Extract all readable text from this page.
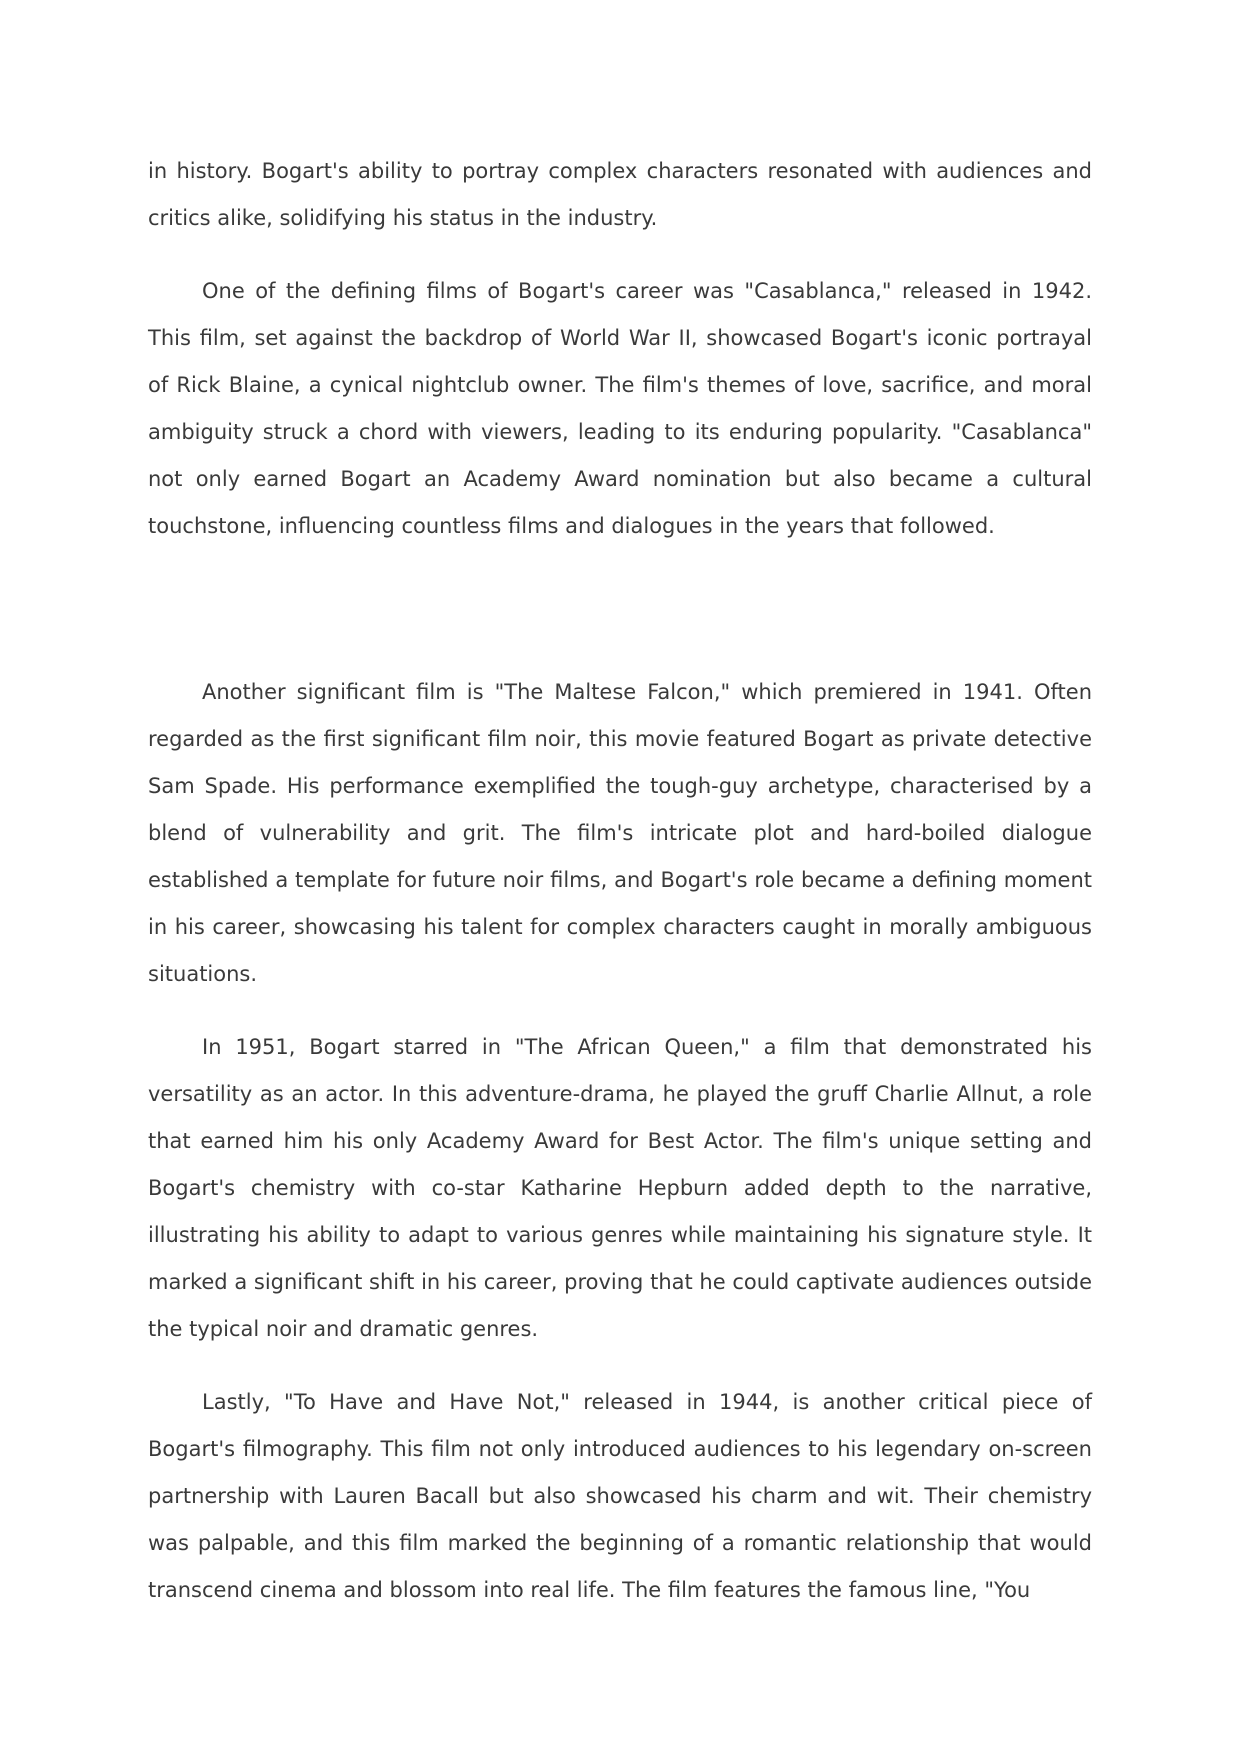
in history. Bogart's ability to portray complex characters resonated with audiences and critics alike, solidifying his status in the industry.

One of the defining films of Bogart's career was "Casablanca," released in 1942. This film, set against the backdrop of World War II, showcased Bogart's iconic portrayal of Rick Blaine, a cynical nightclub owner. The film's themes of love, sacrifice, and moral ambiguity struck a chord with viewers, leading to its enduring popularity. "Casablanca" not only earned Bogart an Academy Award nomination but also became a cultural touchstone, influencing countless films and dialogues in the years that followed.

Another significant film is "The Maltese Falcon," which premiered in 1941. Often regarded as the first significant film noir, this movie featured Bogart as private detective Sam Spade. His performance exemplified the tough-guy archetype, characterised by a blend of vulnerability and grit. The film's intricate plot and hard-boiled dialogue established a template for future noir films, and Bogart's role became a defining moment in his career, showcasing his talent for complex characters caught in morally ambiguous situations.

In 1951, Bogart starred in "The African Queen," a film that demonstrated his versatility as an actor. In this adventure-drama, he played the gruff Charlie Allnut, a role that earned him his only Academy Award for Best Actor. The film's unique setting and Bogart's chemistry with co-star Katharine Hepburn added depth to the narrative, illustrating his ability to adapt to various genres while maintaining his signature style. It marked a significant shift in his career, proving that he could captivate audiences outside the typical noir and dramatic genres.

Lastly, "To Have and Have Not," released in 1944, is another critical piece of Bogart's filmography. This film not only introduced audiences to his legendary on-screen partnership with Lauren Bacall but also showcased his charm and wit. Their chemistry was palpable, and this film marked the beginning of a romantic relationship that would transcend cinema and blossom into real life. The film features the famous line, "You
